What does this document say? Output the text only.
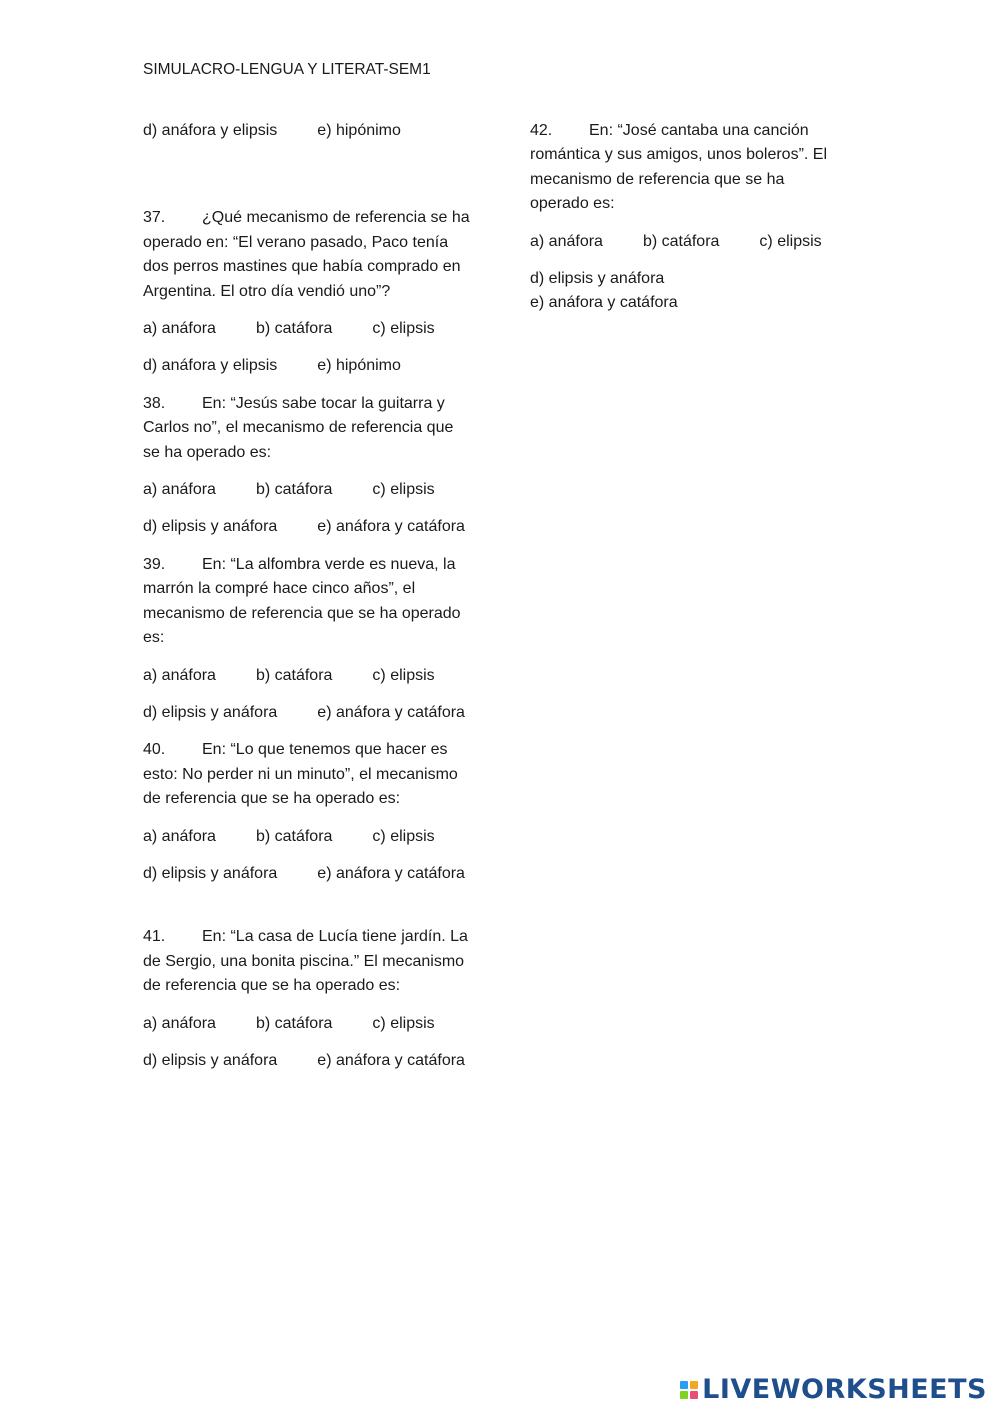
SIMULACRO-LENGUA Y LITERAT-SEM1
d) anáfora y elipsis	e) hipónimo

37. ¿Qué mecanismo de referencia se ha operado en: “El verano pasado, Paco tenía dos perros mastines que había comprado en Argentina. El otro día vendió uno”?

a) anáfora	b) catáfora	c) elipsis
d) anáfora y elipsis	e) hipónimo

38. En: “Jesús sabe tocar la guitarra y Carlos no”, el mecanismo de referencia que se ha operado es:

a) anáfora	b) catáfora	c) elipsis
d) elipsis y anáfora	e) anáfora y catáfora

39. En: “La alfombra verde es nueva, la marrón la compré hace cinco años”, el mecanismo de referencia que se ha operado es:

a) anáfora	b) catáfora	c) elipsis
d) elipsis y anáfora	e) anáfora y catáfora

40. En: “Lo que tenemos que hacer es esto: No perder ni un minuto”, el mecanismo de referencia que se ha operado es:

a) anáfora	b) catáfora	c) elipsis
d) elipsis y anáfora	e) anáfora y catáfora

41. En: “La casa de Lucía tiene jardín. La de Sergio, una bonita piscina.” El mecanismo de referencia que se ha operado es:

a) anáfora	b) catáfora	c) elipsis
d) elipsis y anáfora	e) anáfora y catáfora

42. En: “José cantaba una canción romántica y sus amigos, unos boleros”. El mecanismo de referencia que se ha operado es:

a) anáfora	b) catáfora	c) elipsis
d) elipsis y anáforae) anáfora y catáfora
LIVEWORKSHEETS
